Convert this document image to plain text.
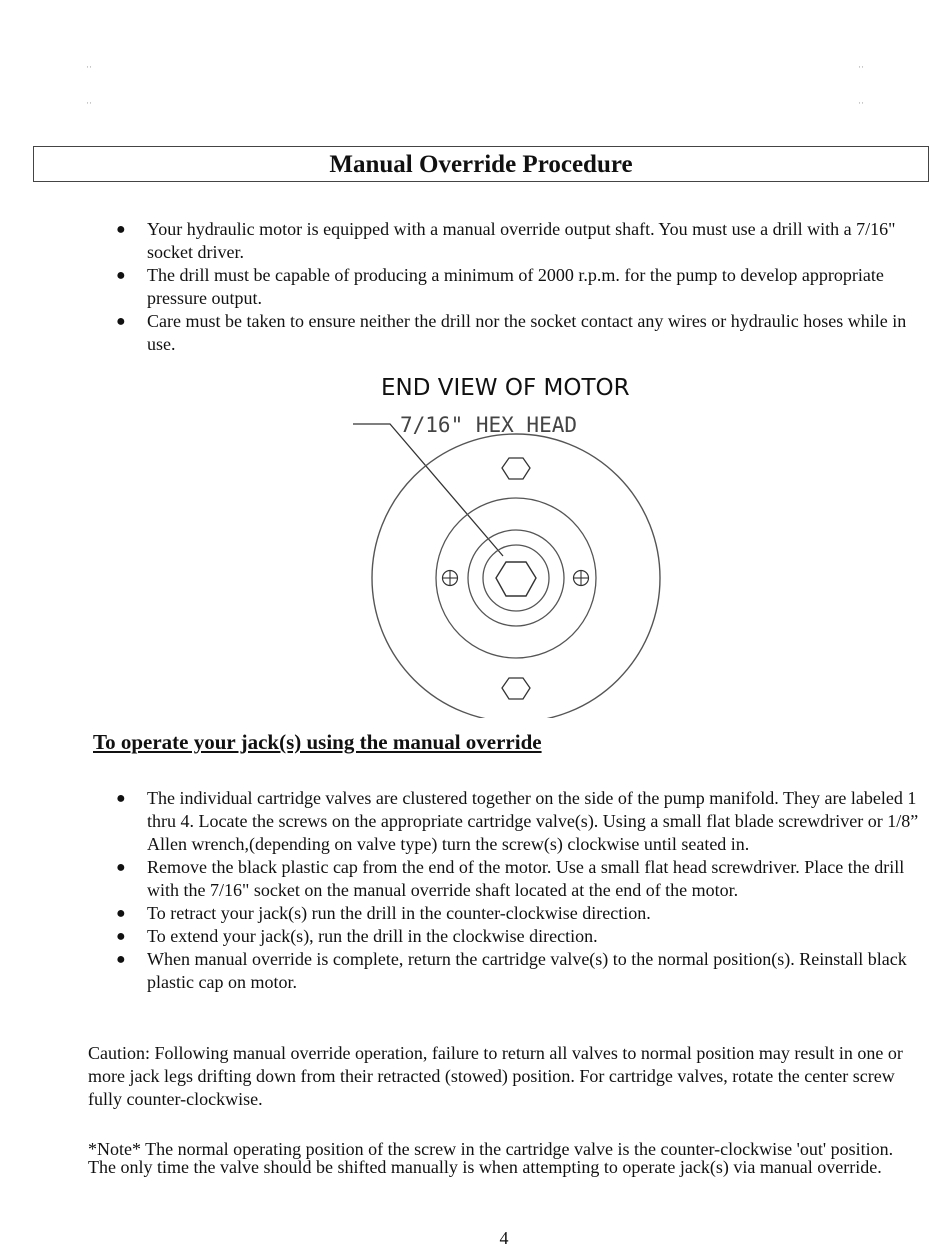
··	··
··	··
Manual Override Procedure
● Your hydraulic motor is equipped with a manual override output shaft. You must use a drill with a 7/16" socket driver.
● The drill must be capable of producing a minimum of 2000 r.p.m. for the pump to develop appropriate pressure output.
● Care must be taken to ensure neither the drill nor the socket contact any wires or hydraulic hoses while in use.
END VIEW OF MOTOR
7/16" HEX HEAD
To operate your jack(s) using the manual override
● The individual cartridge valves are clustered together on the side of the pump manifold. They are labeled 1 thru 4. Locate the screws on the appropriate cartridge valve(s). Using a small flat blade screwdriver or 1/8” Allen wrench,(depending on valve type) turn the screw(s) clockwise until seated in.
● Remove the black plastic cap from the end of the motor. Use a small flat head screwdriver. Place the drill with the 7/16" socket on the manual override shaft located at the end of the motor.
● To retract your jack(s) run the drill in the counter-clockwise direction.
● To extend your jack(s), run the drill in the clockwise direction.
● When manual override is complete, return the cartridge valve(s) to the normal position(s). Reinstall black plastic cap on motor.
Caution: Following manual override operation, failure to return all valves to normal position may result in one or more jack legs drifting down from their retracted (stowed) position. For cartridge valves, rotate the center screw fully counter-clockwise.
*Note* The normal operating position of the screw in the cartridge valve is the counter-clockwise 'out' position. The only time the valve should be shifted manually is when attempting to operate jack(s) via manual override.
4
